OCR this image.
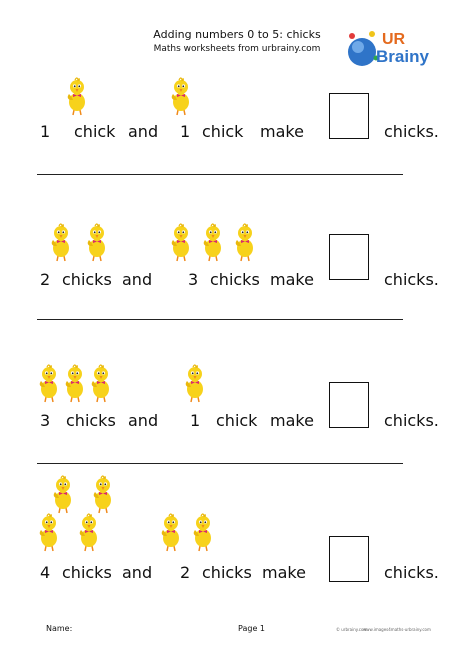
Adding numbers 0 to 5: chicks
Maths worksheets from urbrainy.com
UR
Brainy
1 chick and 1 chick make	chicks.
2 chicks and 3 chicks make	chicks.
3 chicks and 1 chick make	chicks.
4 chicks and 2 chicks make	chicks.
Name:	Page 1	© urbrainy.com
www.images4maths-urbrainy.com
